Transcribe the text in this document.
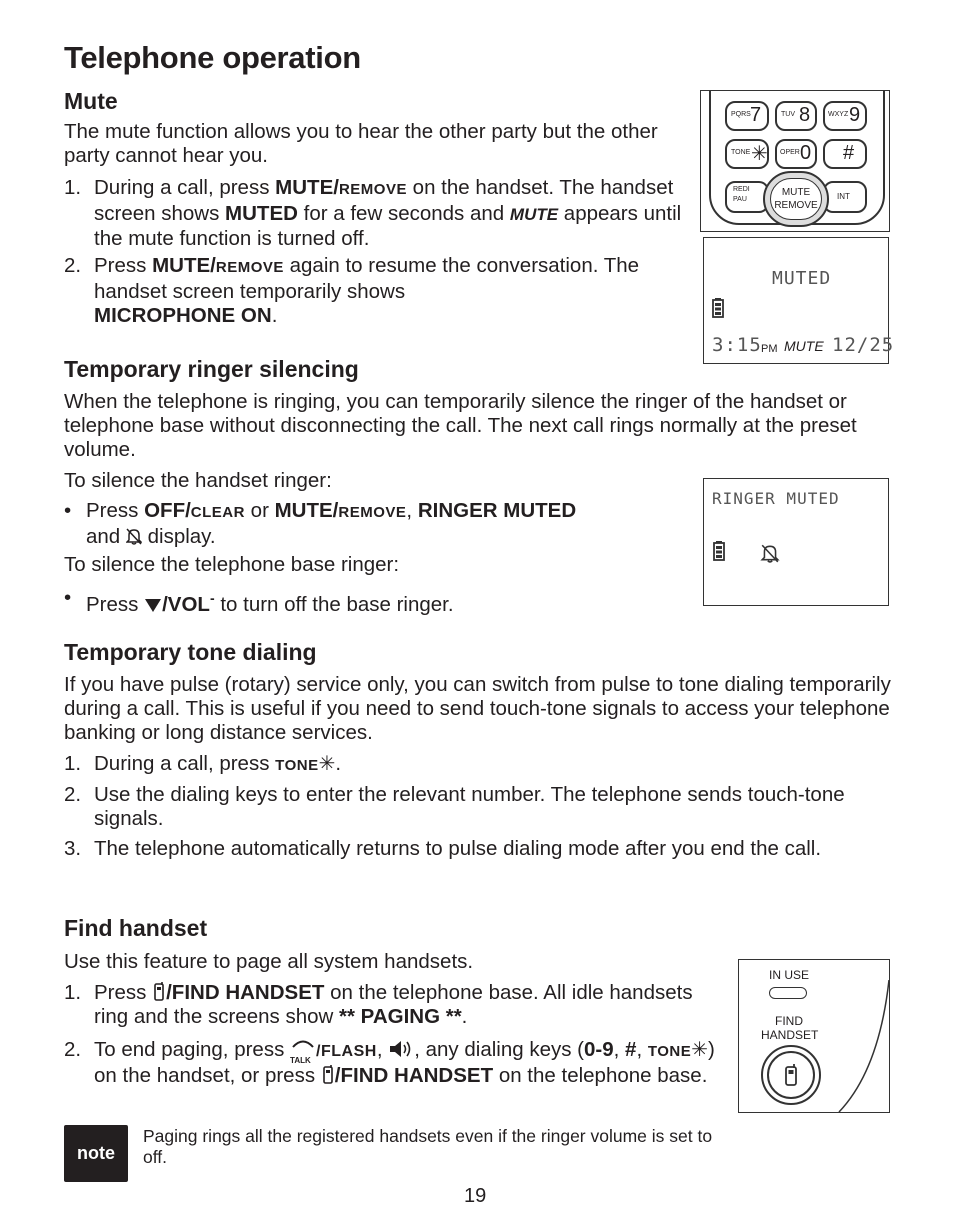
Telephone operation
Mute

The mute function allows you to hear the other party but the other party cannot hear you.

1. During a call, press MUTE/REMOVE on the handset. The handset screen shows MUTED for a few seconds and MUTE appears until the mute function is turned off.

2. Press MUTE/REMOVE again to resume the conversation. The handset screen temporarily shows
MICROPHONE ON.

PQRS 7	TUV 8	WXYZ 9
TONE ✳ OPER 0 #
REDI
PAU	INT
MUTE
REMOVE
MUTED
3:15 PM MUTE 12/25
Temporary ringer silencing

When the telephone is ringing, you can temporarily silence the ringer of the handset or telephone base without disconnecting the call. The next call rings normally at the preset volume.

To silence the handset ringer:

• Press OFF/CLEAR or MUTE/REMOVE, RINGER MUTED
and display.

To silence the telephone base ringer:

• Press /VOL- to turn off the base ringer.

RINGER MUTED
Temporary tone dialing

If you have pulse (rotary) service only, you can switch from pulse to tone dialing temporarily during a call. This is useful if you need to send touch-tone signals to access your telephone banking or long distance services.

1. During a call, press TONE✳.

2. Use the dialing keys to enter the relevant number. The telephone sends touch-tone signals.

3. The telephone automatically returns to pulse dialing mode after you end the call.

Find handset

Use this feature to page all system handsets.

1. Press /FIND HANDSET on the telephone base. All idle handsets ring and the screens show ** PAGING **.

2. To end paging, press TALK
/FLASH, , any dialing keys (0-9, #, TONE✳) on the handset, or press /FIND HANDSET on the telephone base.

IN USE
FIND
HANDSET
note

Paging rings all the registered handsets even if the ringer volume is set to off.

19
